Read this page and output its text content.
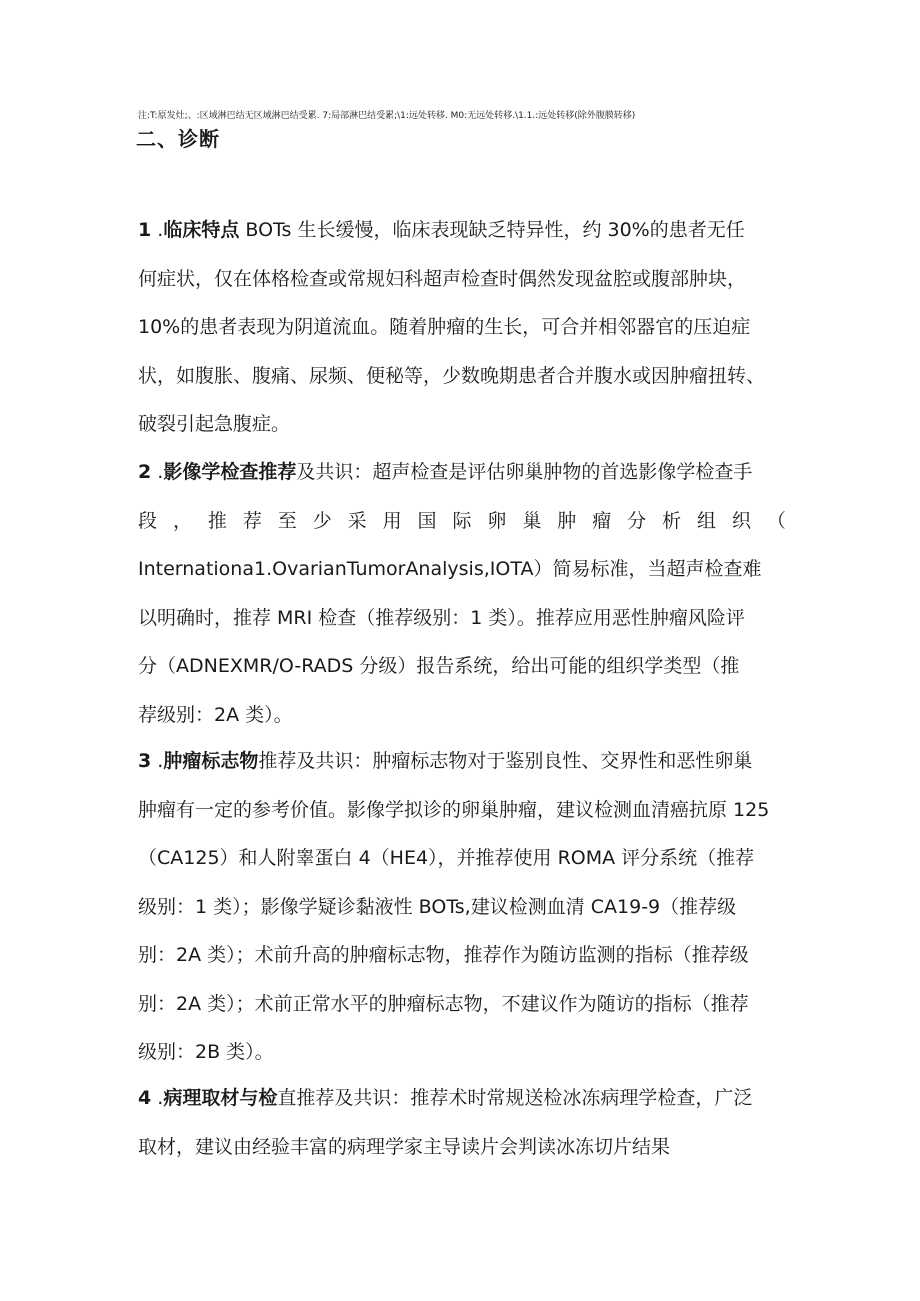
注:T:原发灶;、:区域淋巴结无区域淋巴结受累. 7:局部淋巴结受累;\1:远处转移. M0:无远处转移.\1.1.:远处转移(除外腹膜转移)
二、诊断
1 .临床特点 BOTs 生长缓慢，临床表现缺乏特异性，约 30%的患者无任
何症状，仅在体格检查或常规妇科超声检查时偶然发现盆腔或腹部肿块，
10%的患者表现为阴道流血。随着肿瘤的生长，可合并相邻器官的压迫症
状，如腹胀、腹痛、尿频、便秘等，少数晚期患者合并腹水或因肿瘤扭转、
破裂引起急腹症。
2 .影像学检查推荐及共识：超声检查是评估卵巢肿物的首选影像学检查手
段 ， 推 荐 至 少 采 用 国 际 卵 巢 肿 瘤 分 析 组 织 （
Internationa1.OvarianTumorAnalysis,IOTA）简易标准，当超声检查难
以明确时，推荐 MRI 检查（推荐级别：1 类）。推荐应用恶性肿瘤风险评
分（ADNEXMR/O-RADS 分级）报告系统，给出可能的组织学类型（推
荐级别：2A 类）。
3 .肿瘤标志物推荐及共识：肿瘤标志物对于鉴别良性、交界性和恶性卵巢
肿瘤有一定的参考价值。影像学拟诊的卵巢肿瘤，建议检测血清癌抗原 125
（CA125）和人附睾蛋白 4（HE4），并推荐使用 ROMA 评分系统（推荐
级别：1 类）；影像学疑诊黏液性 BOTs,建议检测血清 CA19-9（推荐级
别：2A 类）；术前升高的肿瘤标志物，推荐作为随访监测的指标（推荐级
别：2A 类）；术前正常水平的肿瘤标志物，不建议作为随访的指标（推荐
级别：2B 类）。
4 .病理取材与检直推荐及共识：推荐术时常规送检冰冻病理学检查，广泛
取材，建议由经验丰富的病理学家主导读片会判读冰冻切片结果
